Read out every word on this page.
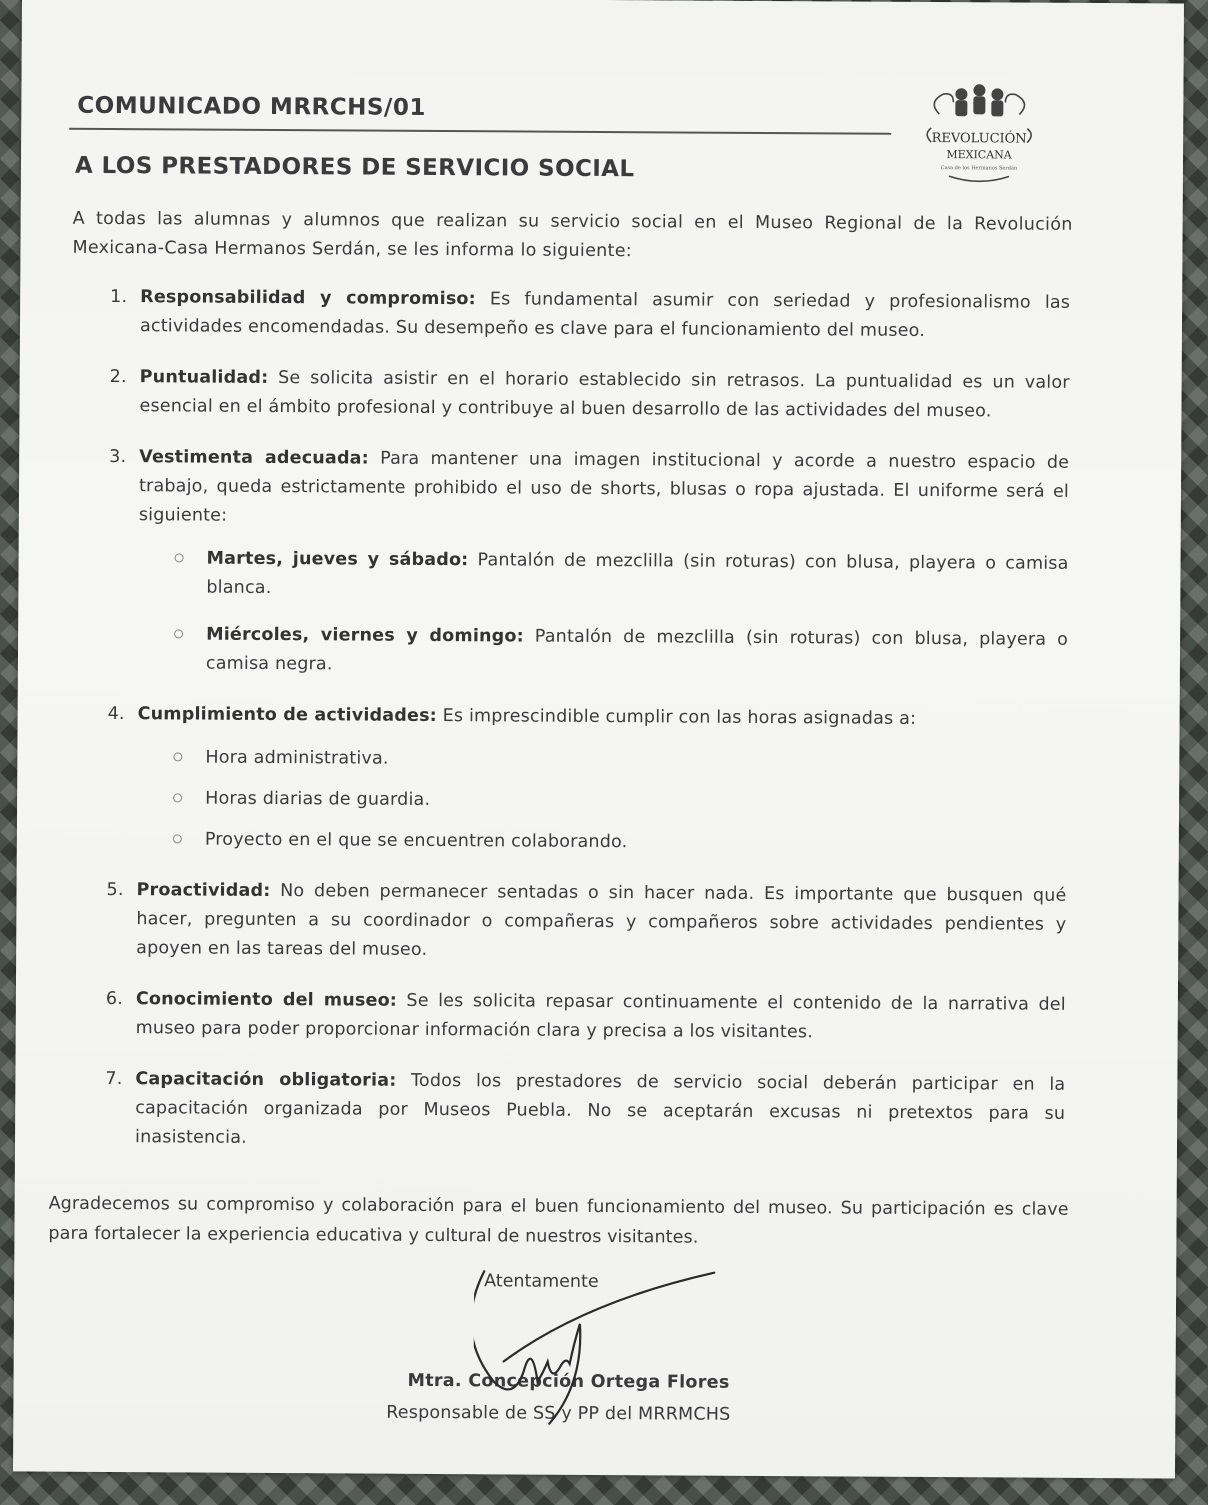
COMUNICADO MRRCHS/01
REVOLUCIÓN
MEXICANA
Casa de los Hermanos Serdán
A LOS PRESTADORES DE SERVICIO SOCIAL
A todas las alumnas y alumnos que realizan su servicio social en el Museo Regional de la Revolución Mexicana-Casa Hermanos Serdán, se les informa lo siguiente:
1. Responsabilidad y compromiso: Es fundamental asumir con seriedad y profesionalismo las actividades encomendadas. Su desempeño es clave para el funcionamiento del museo.
2. Puntualidad: Se solicita asistir en el horario establecido sin retrasos. La puntualidad es un valor esencial en el ámbito profesional y contribuye al buen desarrollo de las actividades del museo.
3. Vestimenta adecuada: Para mantener una imagen institucional y acorde a nuestro espacio de trabajo, queda estrictamente prohibido el uso de shorts, blusas o ropa ajustada. El uniforme será el siguiente:
Martes, jueves y sábado: Pantalón de mezclilla (sin roturas) con blusa, playera o camisa blanca.
Miércoles, viernes y domingo: Pantalón de mezclilla (sin roturas) con blusa, playera o camisa negra.
4. Cumplimiento de actividades: Es imprescindible cumplir con las horas asignadas a:
Hora administrativa.
Horas diarias de guardia.
Proyecto en el que se encuentren colaborando.
5. Proactividad: No deben permanecer sentadas o sin hacer nada. Es importante que busquen qué hacer, pregunten a su coordinador o compañeras y compañeros sobre actividades pendientes y apoyen en las tareas del museo.
6. Conocimiento del museo: Se les solicita repasar continuamente el contenido de la narrativa del museo para poder proporcionar información clara y precisa a los visitantes.
7. Capacitación obligatoria: Todos los prestadores de servicio social deberán participar en la capacitación organizada por Museos Puebla. No se aceptarán excusas ni pretextos para su inasistencia.
Agradecemos su compromiso y colaboración para el buen funcionamiento del museo. Su participación es clave para fortalecer la experiencia educativa y cultural de nuestros visitantes.
Atentamente
Mtra. Concepción Ortega Flores
Responsable de SS y PP del MRRMCHS
